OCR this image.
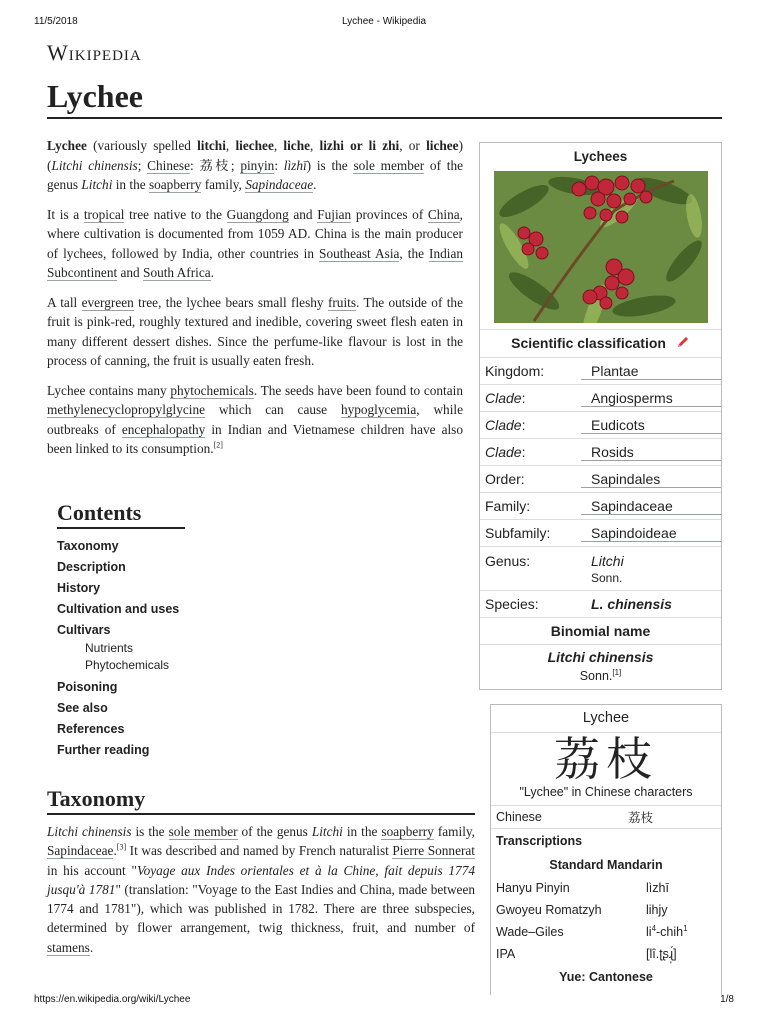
11/5/2018	Lychee - Wikipedia
Wikipedia
Lychee

Lychee (variously spelled litchi, liechee, liche, lizhi or li zhi, or lichee) (Litchi chinensis; Chinese: 荔枝; pinyin: lìzhī) is the sole member of the genus Litchi in the soapberry family, Sapindaceae.

It is a tropical tree native to the Guangdong and Fujian provinces of China, where cultivation is documented from 1059 AD. China is the main producer of lychees, followed by India, other countries in Southeast Asia, the Indian Subcontinent and South Africa.

A tall evergreen tree, the lychee bears small fleshy fruits. The outside of the fruit is pink-red, roughly textured and inedible, covering sweet flesh eaten in many different dessert dishes. Since the perfume-like flavour is lost in the process of canning, the fruit is usually eaten fresh.

Lychee contains many phytochemicals. The seeds have been found to contain methylenecyclopropylglycine which can cause hypoglycemia, while outbreaks of encephalopathy in Indian and Vietnamese children have also been linked to its consumption.[2]

Contents
Taxonomy
Description
History
Cultivation and uses
Cultivars
Nutrients
Phytochemicals
Poisoning
See also
References
Further reading
Taxonomy
Litchi chinensis is the sole member of the genus Litchi in the soapberry family, Sapindaceae.[3] It was described and named by French naturalist Pierre Sonnerat in his account "Voyage aux Indes orientales et à la Chine, fait depuis 1774 jusqu'à 1781" (translation: "Voyage to the East Indies and China, made between 1774 and 1781"), which was published in 1782. There are three subspecies, determined by flower arrangement, twig thickness, fruit, and number of stamens.
Lychees
Scientific classification
Kingdom:	Plantae
Clade:	Angiosperms
Clade:	Eudicots
Clade:	Rosids
Order:	Sapindales
Family:	Sapindaceae
Subfamily:	Sapindoideae
Genus:	Litchi
Sonn.
Species:	L. chinensis
Binomial name
Litchi chinensis
Sonn.[1]
Lychee
荔枝
"Lychee" in Chinese characters
Chinese	荔枝
Transcriptions
Standard Mandarin
Hanyu Pinyin	lìzhī
Gwoyeu Romatzyh	lihjy
Wade–Giles	$li^4-chih^1$
IPA	[lî.ʈʂɻ̩́]
Yue: Cantonese
https://en.wikipedia.org/wiki/Lychee	1/8
